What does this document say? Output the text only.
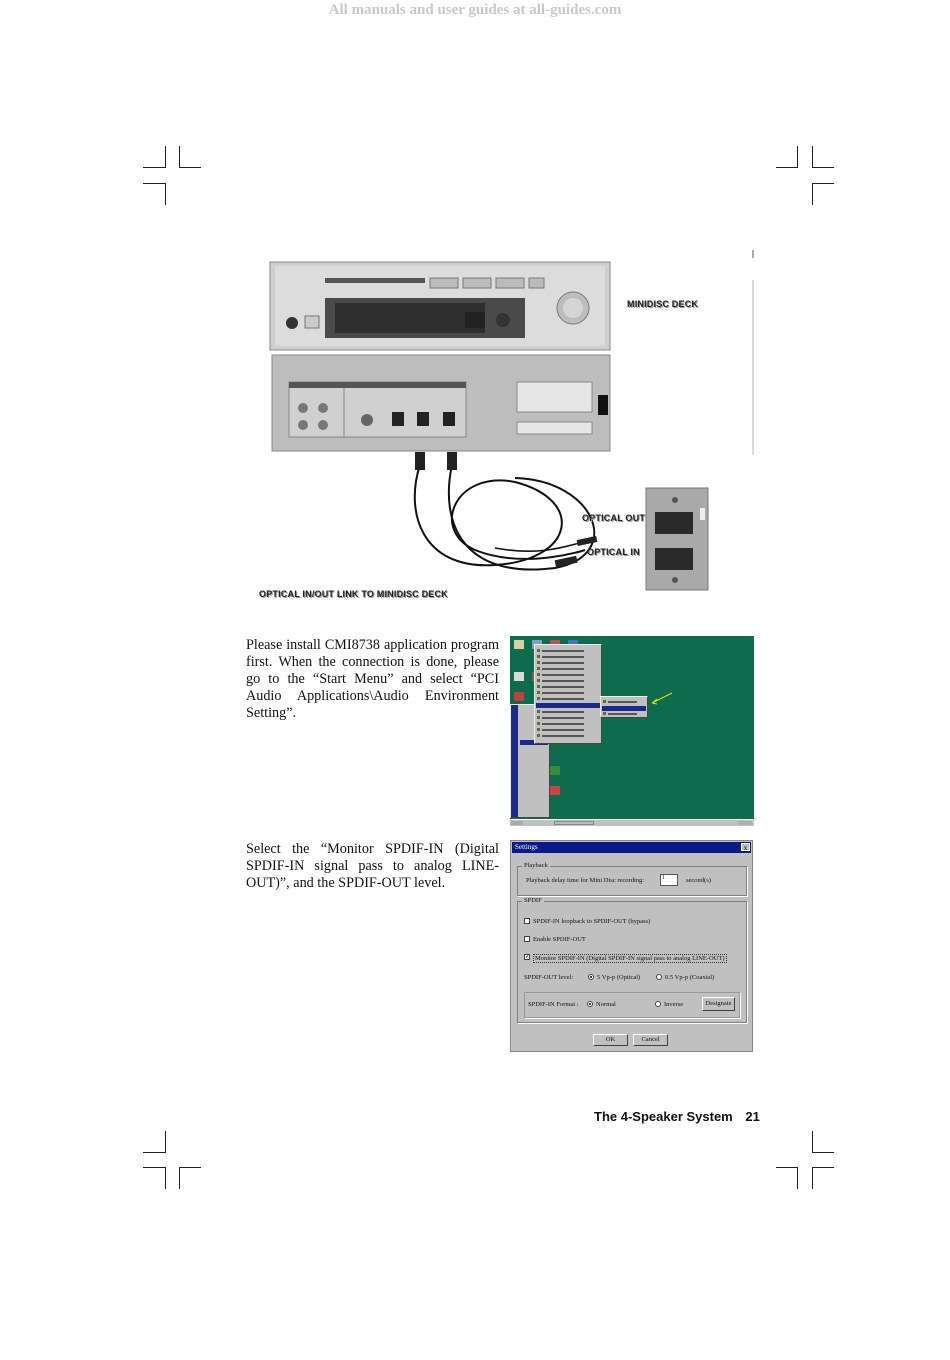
All manuals and user guides at all-guides.com
MINIDISC DECK
OPTICAL OUT
OPTICAL IN
OPTICAL IN/OUT LINK TO MINIDISC DECK
Please install CMI8738 application program first. When the connection is done, please go to the “Start Menu” and select “PCI Audio Applications\Audio Environment Setting”.
Select the “Monitor SPDIF-IN (Digital SPDIF-IN signal pass to analog LINE-OUT)”, and the SPDIF-OUT level.
Settings	x
Playback
Playback delay time for Mini Disc recording:	1	second(s)
SPDIF
SPDIF-IN loopback to SPDIF-OUT (bypass)
Enable SPDIF-OUT
✓ Monitor SPDIF-IN (Digital SPDIF-IN signal pass to analog LINE-OUT)
SPDIF-OUT level:	5 Vp-p (Optical)	0.5 Vp-p (Coaxial)
SPDIF-IN Format :	Normal	Inverse	Designate
OK	Cancel
The 4-Speaker System 21
